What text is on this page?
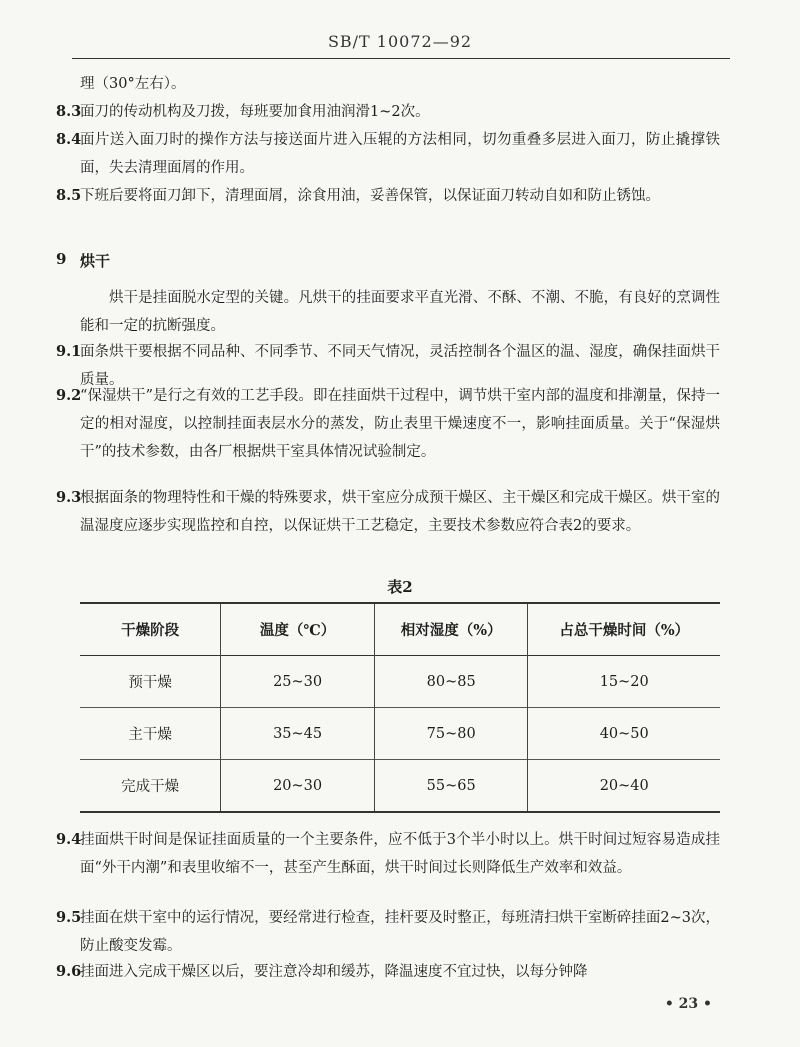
SB/T 10072—92
理（30°左右）。
8.3
面刀的传动机构及刀拨，每班要加食用油润滑1~2次。
8.4
面片送入面刀时的操作方法与接送面片进入压辊的方法相同，切勿重叠多层进入面刀，防止撬撑铁面，失去清理面屑的作用。
8.5
下班后要将面刀卸下，清理面屑，涂食用油，妥善保管，以保证面刀转动自如和防止锈蚀。
9 烘干
烘干是挂面脱水定型的关键。凡烘干的挂面要求平直光滑、不酥、不潮、不脆，有良好的烹调性能和一定的抗断强度。
9.1
面条烘干要根据不同品种、不同季节、不同天气情况，灵活控制各个温区的温、湿度，确保挂面烘干质量。
9.2
“保湿烘干”是行之有效的工艺手段。即在挂面烘干过程中，调节烘干室内部的温度和排潮量，保持一定的相对湿度，以控制挂面表层水分的蒸发，防止表里干燥速度不一，影响挂面质量。关于“保湿烘干”的技术参数，由各厂根据烘干室具体情况试验制定。
9.3
根据面条的物理特性和干燥的特殊要求，烘干室应分成预干燥区、主干燥区和完成干燥区。烘干室的温湿度应逐步实现监控和自控，以保证烘干工艺稳定，主要技术参数应符合表2的要求。
表2
干燥阶段	温度（℃）	相对湿度（%）	占总干燥时间（%）
预干燥	25~30	80~85	15~20
主干燥	35~45	75~80	40~50
完成干燥	20~30	55~65	20~40
9.4
挂面烘干时间是保证挂面质量的一个主要条件，应不低于3个半小时以上。烘干时间过短容易造成挂面“外干内潮”和表里收缩不一，甚至产生酥面，烘干时间过长则降低生产效率和效益。
9.5
挂面在烘干室中的运行情况，要经常进行检查，挂杆要及时整正，每班清扫烘干室断碎挂面2~3次，防止酸变发霉。
9.6
挂面进入完成干燥区以后，要注意冷却和缓苏，降温速度不宜过快，以每分钟降
• 23 •
